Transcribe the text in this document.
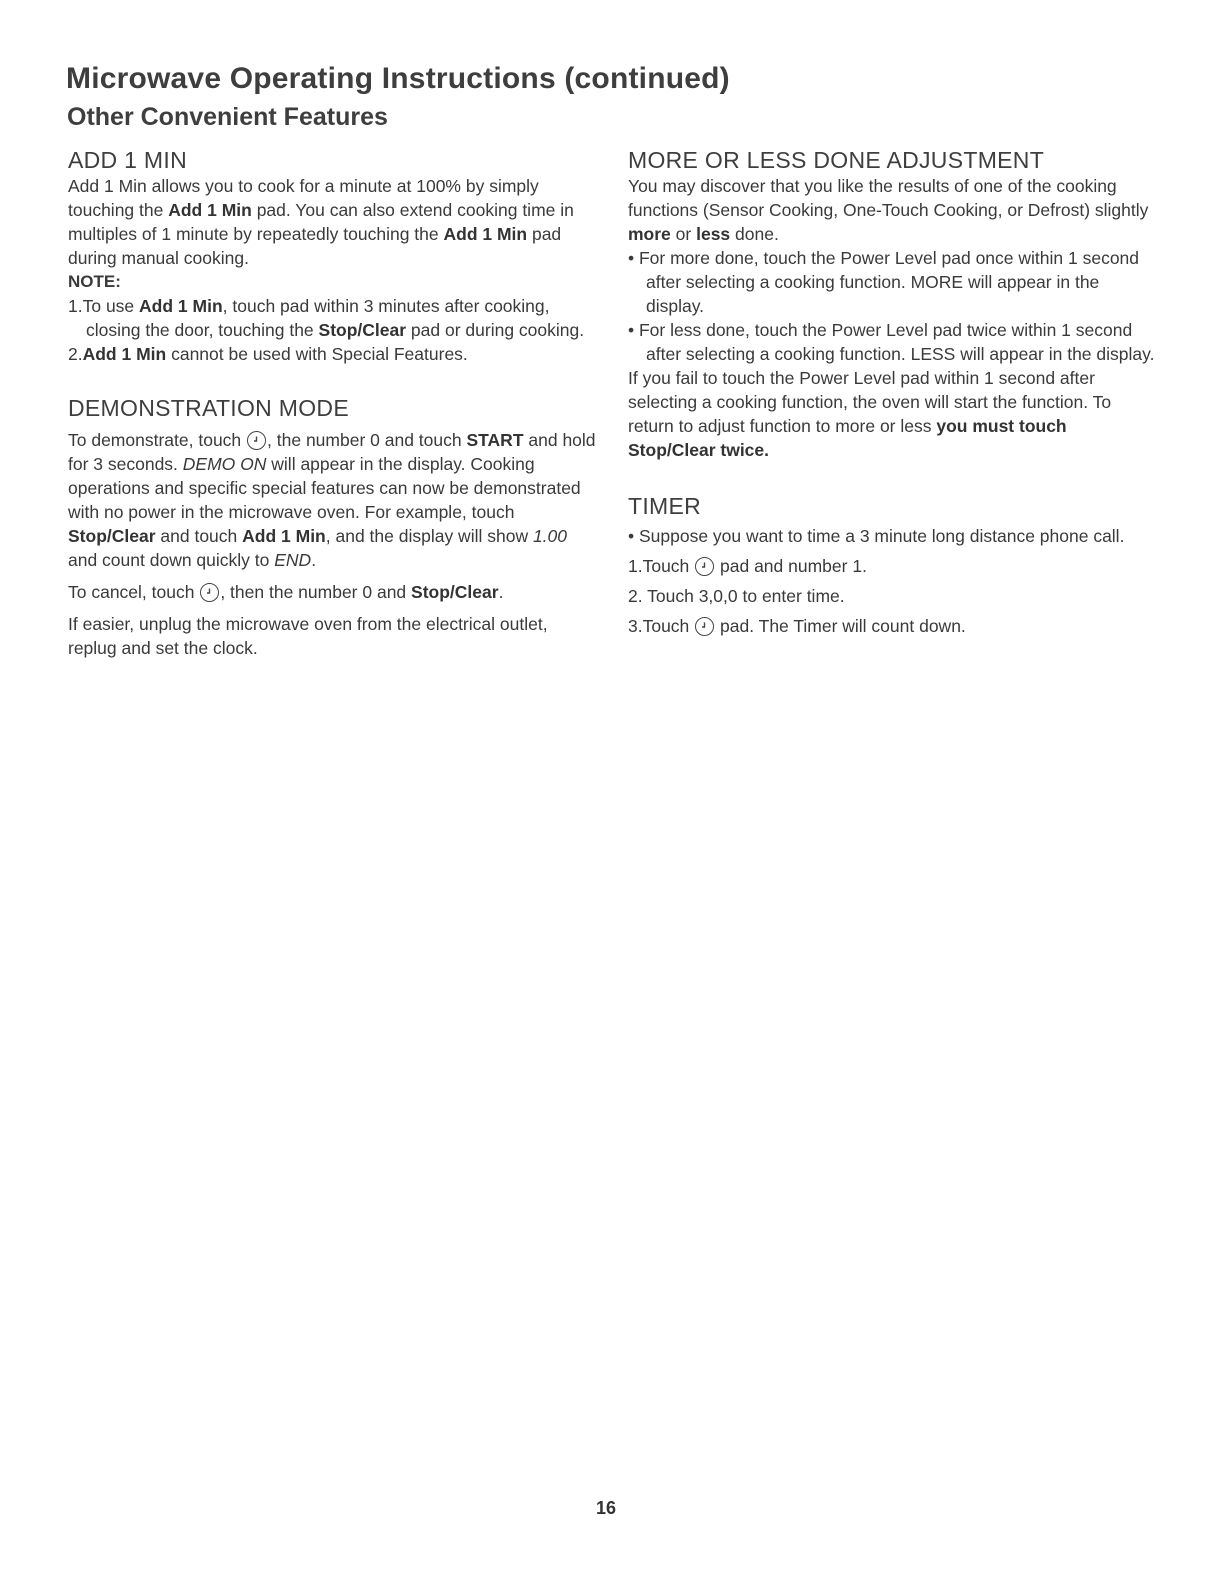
Microwave Operating Instructions (continued)
Other Convenient Features
ADD 1 MIN

Add 1 Min allows you to cook for a minute at 100% by simply touching the Add 1 Min pad. You can also extend cooking time in multiples of 1 minute by repeatedly touching the Add 1 Min pad during manual cooking.

NOTE:

1.To use Add 1 Min, touch pad within 3 minutes after cooking, closing the door, touching the Stop/Clear pad or during cooking.
2.Add 1 Min cannot be used with Special Features.
DEMONSTRATION MODE

To demonstrate, touch
, the number 0 and touch START and hold for 3 seconds. DEMO ON will appear in the display. Cooking operations and specific special features can now be demonstrated with no power in the microwave oven. For example, touch Stop/Clear and touch Add 1 Min, and the display will show 1.00 and count down quickly to END.

To cancel, touch
, then the number 0 and Stop/Clear.

If easier, unplug the microwave oven from the electrical outlet, replug and set the clock.

MORE OR LESS DONE ADJUSTMENT

You may discover that you like the results of one of the cooking functions (Sensor Cooking, One-Touch Cooking, or Defrost) slightly more or less done.

• For more done, touch the Power Level pad once within 1 second after selecting a cooking function. MORE will appear in the display.
• For less done, touch the Power Level pad twice within 1 second after selecting a cooking function. LESS will appear in the display.

If you fail to touch the Power Level pad within 1 second after selecting a cooking function, the oven will start the function. To return to adjust function to more or less you must touch Stop/Clear twice.

TIMER
• Suppose you want to time a 3 minute long distance phone call.
1.Touch
pad and number 1.
2. Touch 3,0,0 to enter time.
3.Touch
pad. The Timer will count down.
16
